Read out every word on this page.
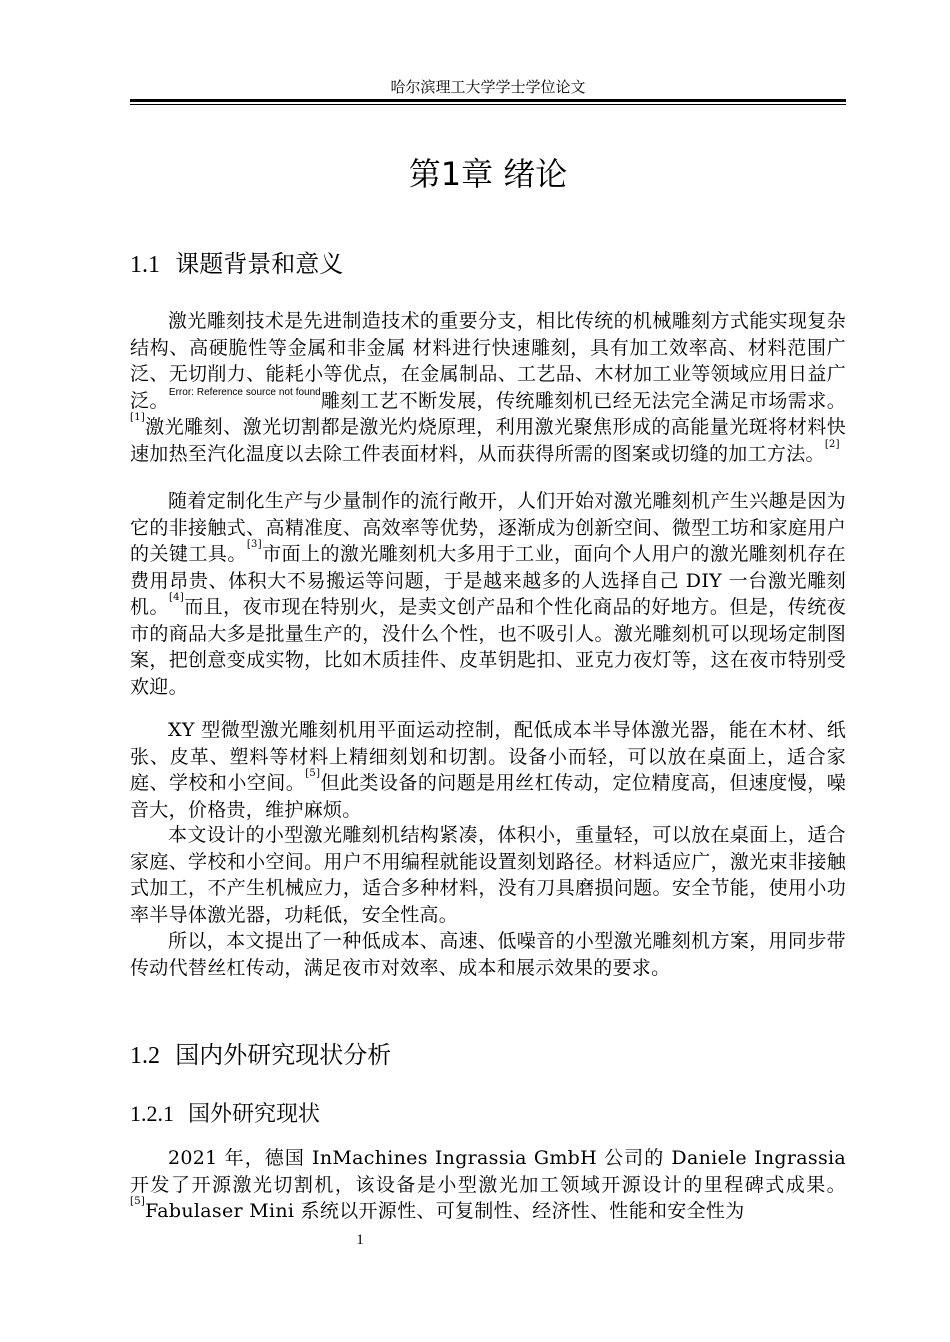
哈尔滨理工大学学士学位论文
第1章 绪论
1.1 课题背景和意义
激光雕刻技术是先进制造技术的重要分支，相比传统的机械雕刻方式能实现复杂结构、高硬脆性等金属和非金属 材料进行快速雕刻，具有加工效率高、材料范围广泛、无切削力、能耗小等优点，在金属制品、工艺品、木材加工业等领域应用日益广泛。$^{Error: Reference source not found}$雕刻工艺不断发展，传统雕刻机已经无法完全满足市场需求。[1]激光雕刻、激光切割都是激光灼烧原理，利用激光聚焦形成的高能量光斑将材料快速加热至汽化温度以去除工件表面材料，从而获得所需的图案或切缝的加工方法。[2]
随着定制化生产与少量制作的流行敞开，人们开始对激光雕刻机产生兴趣是因为它的非接触式、高精准度、高效率等优势，逐渐成为创新空间、微型工坊和家庭用户的关键工具。[3]市面上的激光雕刻机大多用于工业，面向个人用户的激光雕刻机存在费用昂贵、体积大不易搬运等问题，于是越来越多的人选择自己 DIY 一台激光雕刻机。[4]而且，夜市现在特别火，是卖文创产品和个性化商品的好地方。但是，传统夜市的商品大多是批量生产的，没什么个性，也不吸引人。激光雕刻机可以现场定制图案，把创意变成实物，比如木质挂件、皮革钥匙扣、亚克力夜灯等，这在夜市特别受欢迎。
XY 型微型激光雕刻机用平面运动控制，配低成本半导体激光器，能在木材、纸张、皮革、塑料等材料上精细刻划和切割。设备小而轻，可以放在桌面上，适合家庭、学校和小空间。[5]但此类设备的问题是用丝杠传动，定位精度高，但速度慢，噪音大，价格贵，维护麻烦。
本文设计的小型激光雕刻机结构紧凑，体积小，重量轻，可以放在桌面上，适合家庭、学校和小空间。用户不用编程就能设置刻划路径。材料适应广，激光束非接触式加工，不产生机械应力，适合多种材料，没有刀具磨损问题。安全节能，使用小功率半导体激光器，功耗低，安全性高。
所以，本文提出了一种低成本、高速、低噪音的小型激光雕刻机方案，用同步带传动代替丝杠传动，满足夜市对效率、成本和展示效果的要求。
1.2 国内外研究现状分析
1.2.1 国外研究现状
2021 年，德国 InMachines Ingrassia GmbH 公司的 Daniele Ingrassia 开发了开源激光切割机，该设备是小型激光加工领域开源设计的里程碑式成果。[5]Fabulaser Mini 系统以开源性、可复制性、经济性、性能和安全性为
1
